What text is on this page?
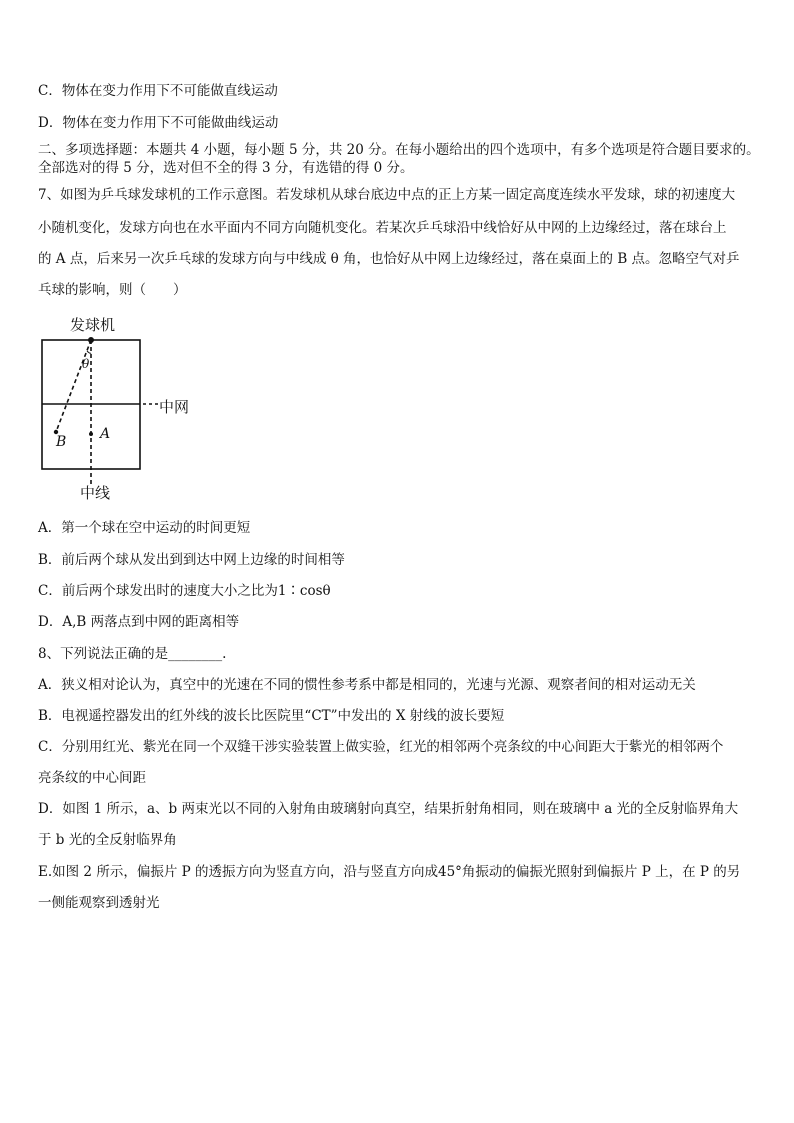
C．物体在变力作用下不可能做直线运动
D．物体在变力作用下不可能做曲线运动
二、多项选择题：本题共 4 小题，每小题 5 分，共 20 分。在每小题给出的四个选项中，有多个选项是符合题目要求的。
全部选对的得 5 分，选对但不全的得 3 分，有选错的得 0 分。
7、如图为乒乓球发球机的工作示意图。若发球机从球台底边中点的正上方某一固定高度连续水平发球，球的初速度大
小随机变化，发球方向也在水平面内不同方向随机变化。若某次乒乓球沿中线恰好从中网的上边缘经过，落在球台上
的 A 点，后来另一次乒乓球的发球方向与中线成 θ 角，也恰好从中网上边缘经过，落在桌面上的 B 点。忽略空气对乒
乓球的影响，则（　　）
发球机
中网
中线
θ
A
B
A．第一个球在空中运动的时间更短
B．前后两个球从发出到到达中网上边缘的时间相等
C．前后两个球发出时的速度大小之比为1∶cosθ
D．A,B 两落点到中网的距离相等
8、下列说法正确的是________.
A．狭义相对论认为，真空中的光速在不同的惯性参考系中都是相同的，光速与光源、观察者间的相对运动无关
B．电视遥控器发出的红外线的波长比医院里“CT”中发出的 X 射线的波长要短
C．分别用红光、紫光在同一个双缝干涉实验装置上做实验，红光的相邻两个亮条纹的中心间距大于紫光的相邻两个
亮条纹的中心间距
D．如图 1 所示，a、b 两束光以不同的入射角由玻璃射向真空，结果折射角相同，则在玻璃中 a 光的全反射临界角大
于 b 光的全反射临界角
E.如图 2 所示，偏振片 P 的透振方向为竖直方向，沿与竖直方向成45°角振动的偏振光照射到偏振片 P 上，在 P 的另
一侧能观察到透射光
